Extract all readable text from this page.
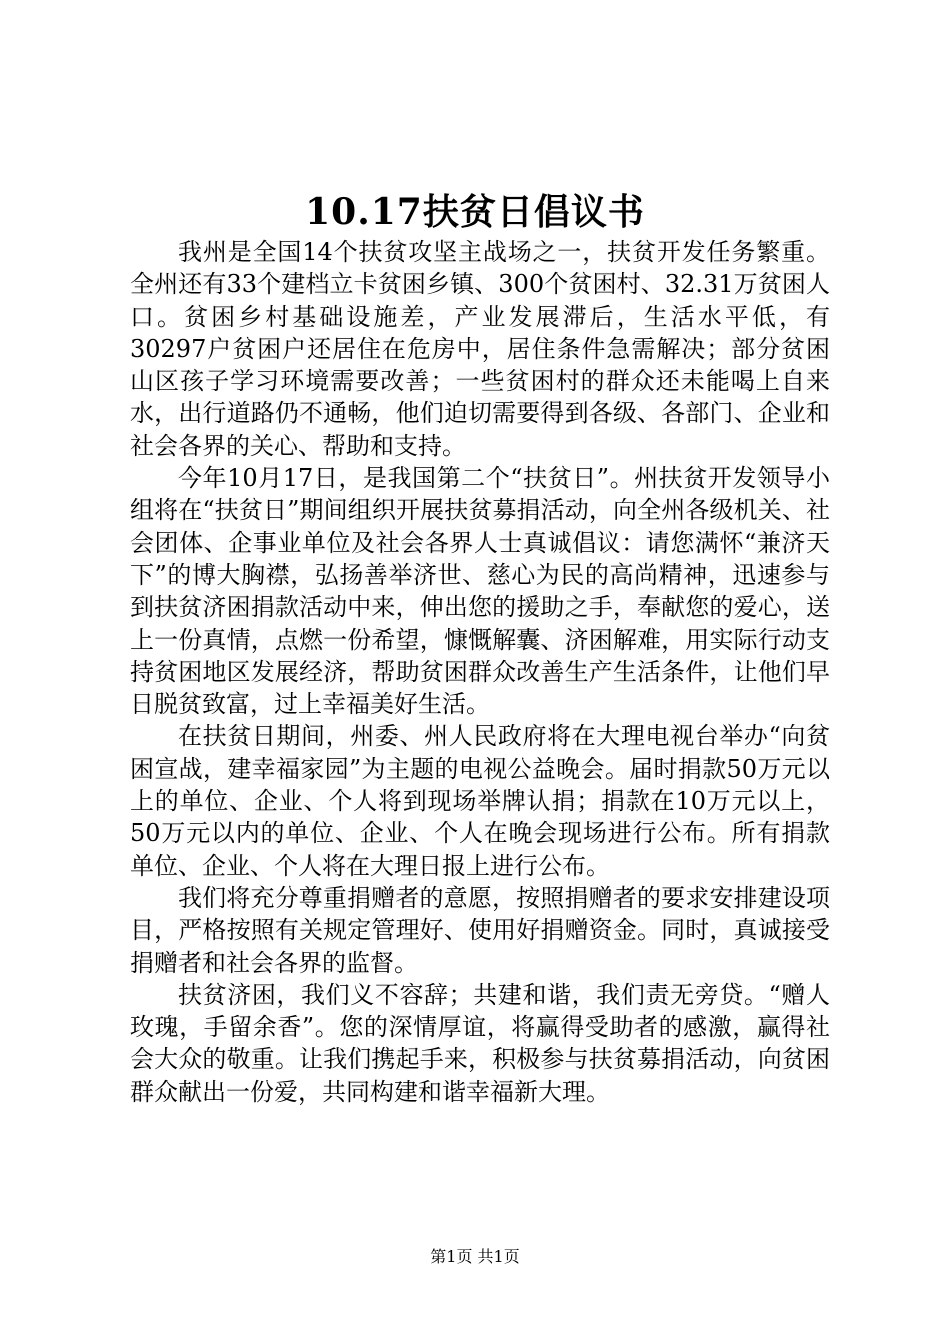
10.17扶贫日倡议书

我州是全国14个扶贫攻坚主战场之一，扶贫开发任务繁重。全州还有33个建档立卡贫困乡镇、300个贫困村、32.31万贫困人口。贫困乡村基础设施差，产业发展滞后，生活水平低，有30297户贫困户还居住在危房中，居住条件急需解决；部分贫困山区孩子学习环境需要改善；一些贫困村的群众还未能喝上自来水，出行道路仍不通畅，他们迫切需要得到各级、各部门、企业和社会各界的关心、帮助和支持。

今年10月17日，是我国第二个“扶贫日”。州扶贫开发领导小组将在“扶贫日”期间组织开展扶贫募捐活动，向全州各级机关、社会团体、企事业单位及社会各界人士真诚倡议：请您满怀“兼济天下”的博大胸襟，弘扬善举济世、慈心为民的高尚精神，迅速参与到扶贫济困捐款活动中来，伸出您的援助之手，奉献您的爱心，送上一份真情，点燃一份希望，慷慨解囊、济困解难，用实际行动支持贫困地区发展经济，帮助贫困群众改善生产生活条件，让他们早日脱贫致富，过上幸福美好生活。

在扶贫日期间，州委、州人民政府将在大理电视台举办“向贫困宣战，建幸福家园”为主题的电视公益晚会。届时捐款50万元以上的单位、企业、个人将到现场举牌认捐；捐款在10万元以上，50万元以内的单位、企业、个人在晚会现场进行公布。所有捐款单位、企业、个人将在大理日报上进行公布。

我们将充分尊重捐赠者的意愿，按照捐赠者的要求安排建设项目，严格按照有关规定管理好、使用好捐赠资金。同时，真诚接受捐赠者和社会各界的监督。

扶贫济困，我们义不容辞；共建和谐，我们责无旁贷。“赠人玫瑰，手留余香”。您的深情厚谊，将赢得受助者的感激，赢得社会大众的敬重。让我们携起手来，积极参与扶贫募捐活动，向贫困群众献出一份爱，共同构建和谐幸福新大理。

第1页 共1页
